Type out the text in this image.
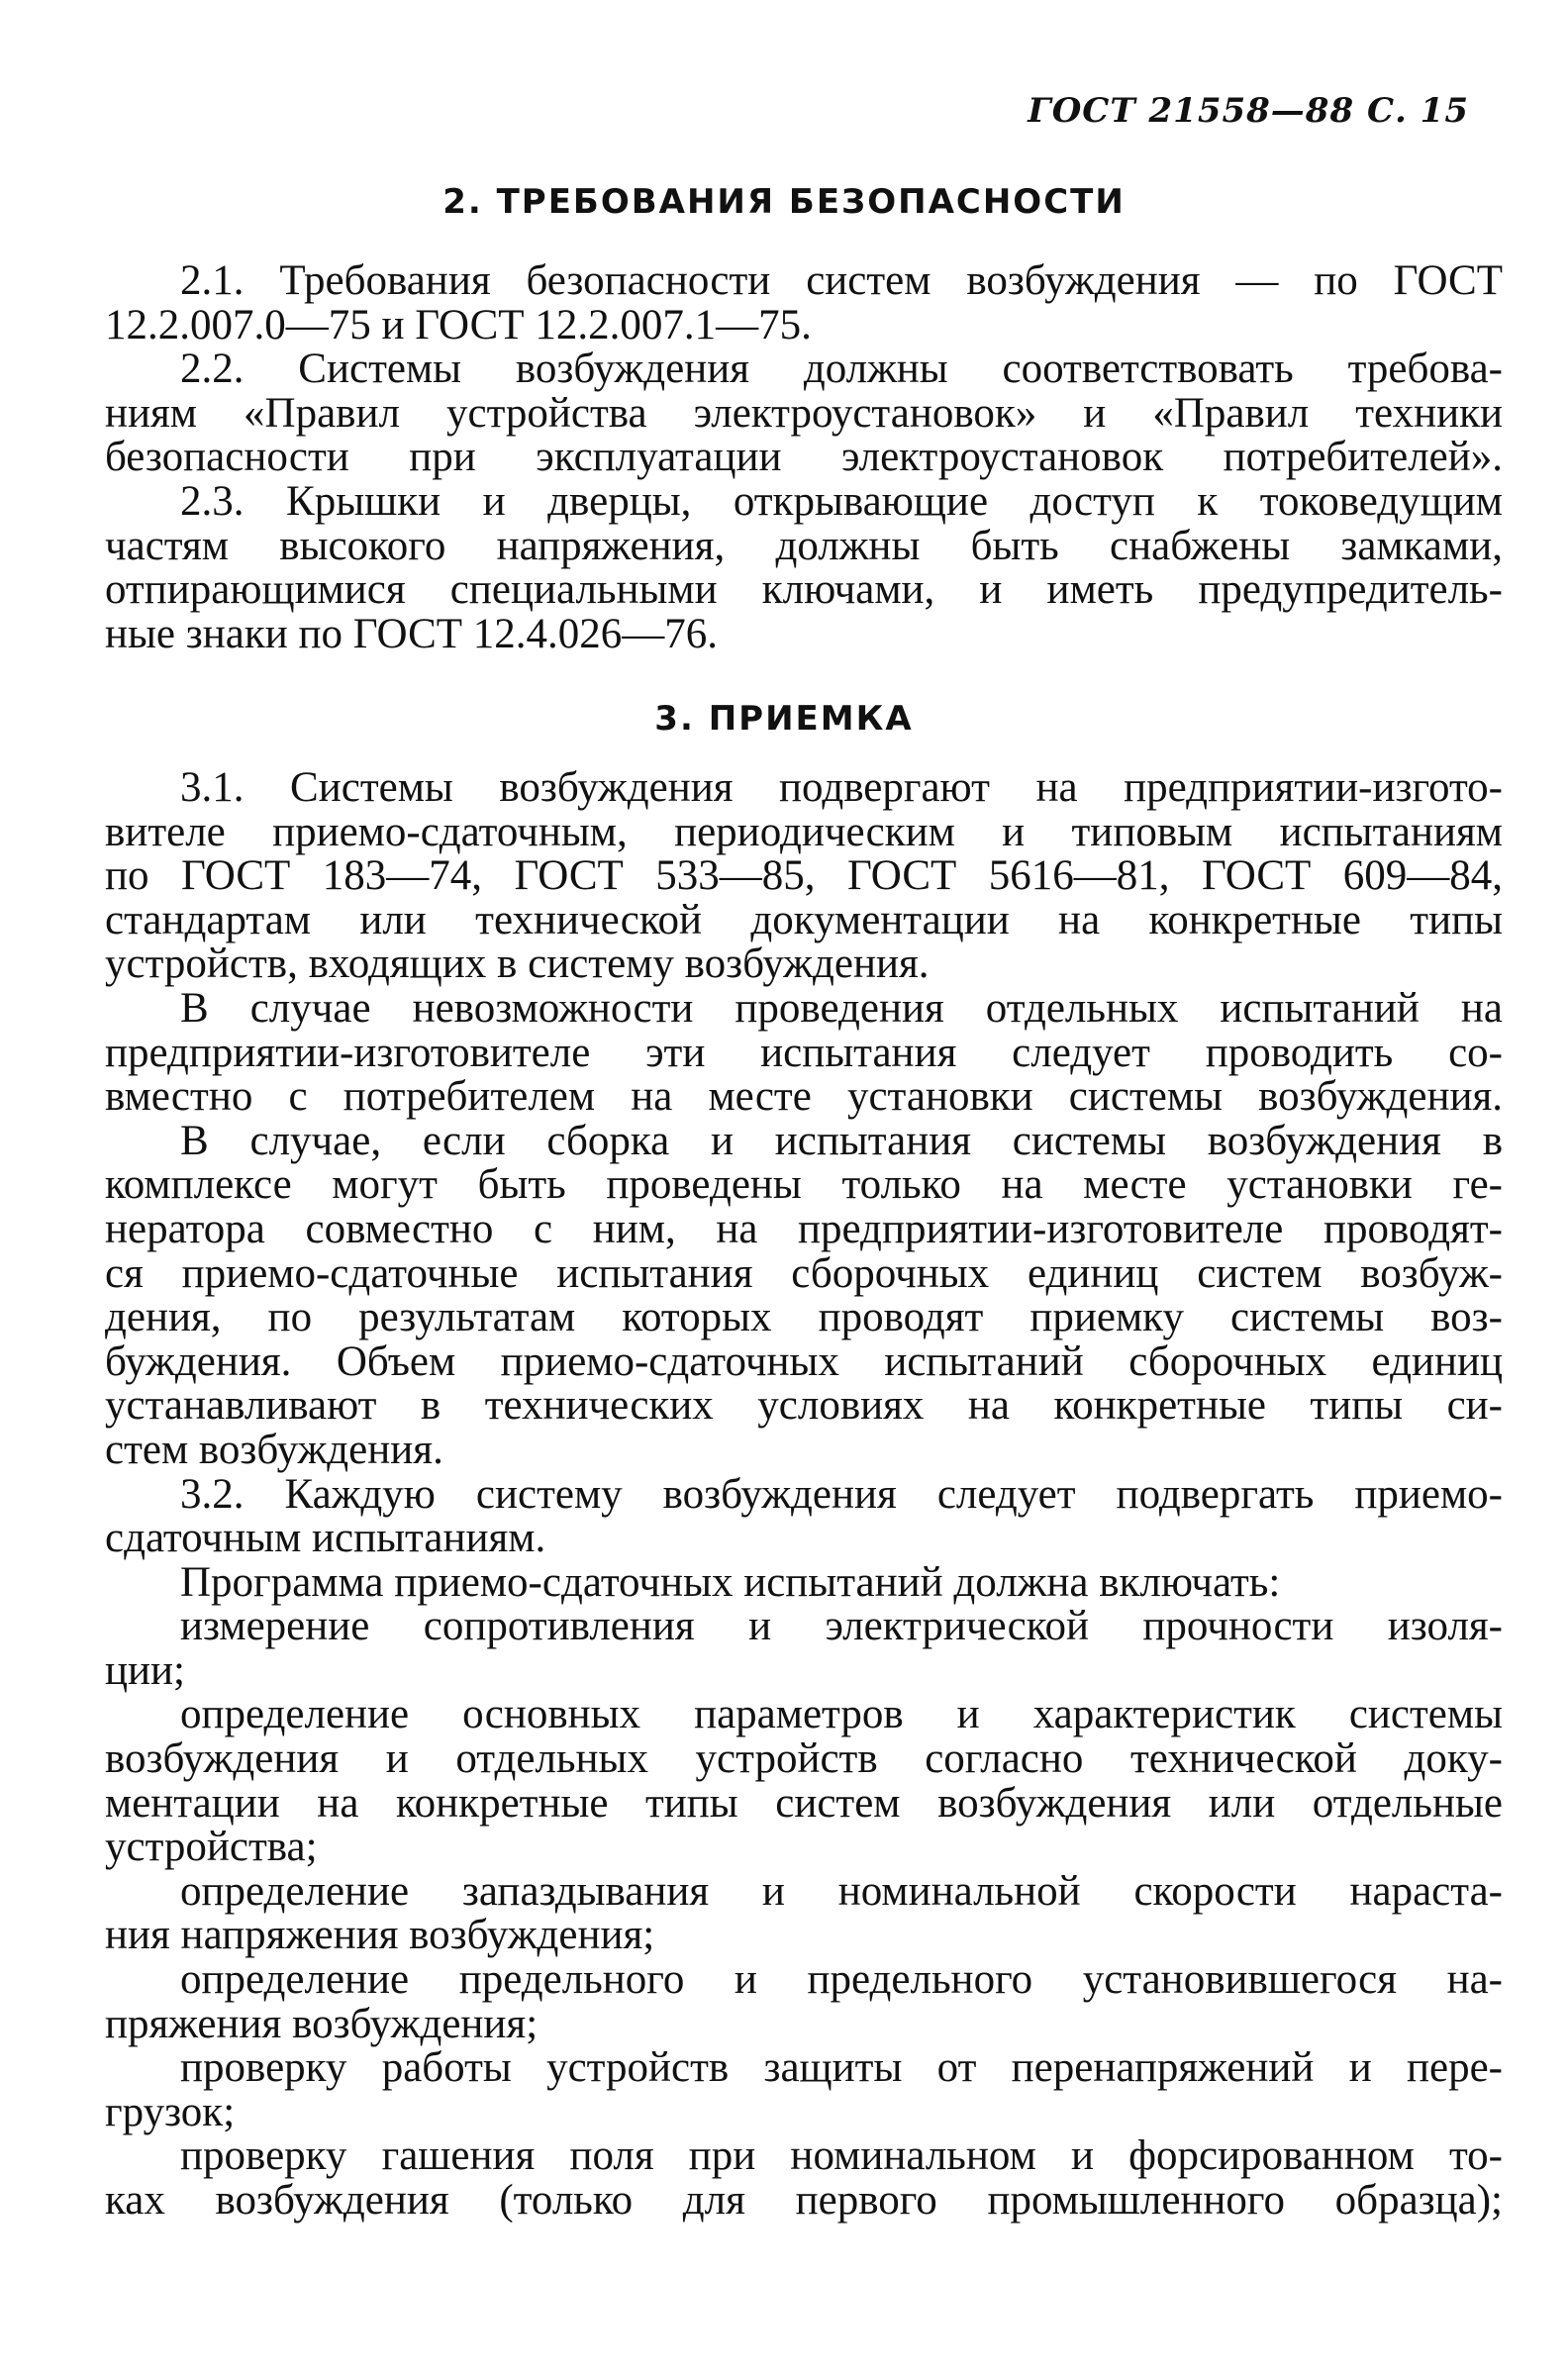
ГОСТ 21558—88 С. 15
2. ТРЕБОВАНИЯ БЕЗОПАСНОСТИ
2.1. Требования безопасности систем возбуждения — по ГОСТ
12.2.007.0—75 и ГОСТ 12.2.007.1—75.
2.2. Системы возбуждения должны соответствовать требова-
ниям «Правил устройства электроустановок» и «Правил техники
безопасности при эксплуатации электроустановок потребителей».
2.3. Крышки и дверцы, открывающие доступ к токоведущим
частям высокого напряжения, должны быть снабжены замками,
отпирающимися специальными ключами, и иметь предупредитель-
ные знаки по ГОСТ 12.4.026—76.
3. ПРИЕМКА
3.1. Системы возбуждения подвергают на предприятии-изгото-
вителе приемо-сдаточным, периодическим и типовым испытаниям
по ГОСТ 183—74, ГОСТ 533—85, ГОСТ 5616—81, ГОСТ 609—84,
стандартам или технической документации на конкретные типы
устройств, входящих в систему возбуждения.
В случае невозможности проведения отдельных испытаний на
предприятии-изготовителе эти испытания следует проводить со-
вместно с потребителем на месте установки системы возбуждения.
В случае, если сборка и испытания системы возбуждения в
комплексе могут быть проведены только на месте установки ге-
нератора совместно с ним, на предприятии-изготовителе проводят-
ся приемо-сдаточные испытания сборочных единиц систем возбуж-
дения, по результатам которых проводят приемку системы воз-
буждения. Объем приемо-сдаточных испытаний сборочных единиц
устанавливают в технических условиях на конкретные типы си-
стем возбуждения.
3.2. Каждую систему возбуждения следует подвергать приемо-
сдаточным испытаниям.
Программа приемо-сдаточных испытаний должна включать:
измерение сопротивления и электрической прочности изоля-
ции;
определение основных параметров и характеристик системы
возбуждения и отдельных устройств согласно технической доку-
ментации на конкретные типы систем возбуждения или отдельные
устройства;
определение запаздывания и номинальной скорости нараста-
ния напряжения возбуждения;
определение предельного и предельного установившегося на-
пряжения возбуждения;
проверку работы устройств защиты от перенапряжений и пере-
грузок;
проверку гашения поля при номинальном и форсированном то-
ках возбуждения (только для первого промышленного образца);
